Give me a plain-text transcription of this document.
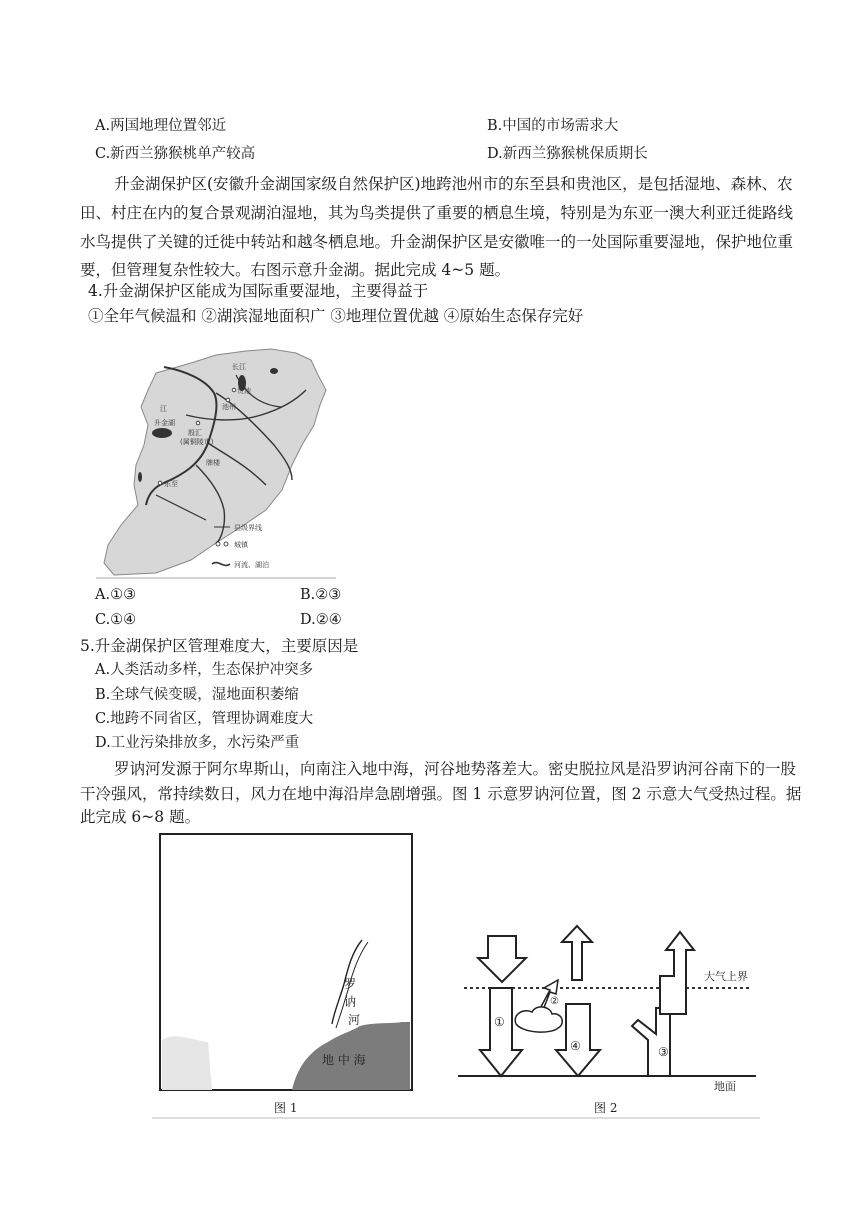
A.两国地理位置邻近	B.中国的市场需求大
C.新西兰猕猴桃单产较高	D.新西兰猕猴桃保质期长
升金湖保护区(安徽升金湖国家级自然保护区)地跨池州市的东至县和贵池区，是包括湿地、森林、农
田、村庄在内的复合景观湖泊湿地，其为鸟类提供了重要的栖息生境，特别是为东亚一澳大利亚迁徙路线
水鸟提供了关键的迁徙中转站和越冬栖息地。升金湖保护区是安徽唯一的一处国际重要湿地，保护地位重
要，但管理复杂性较大。右图示意升金湖。据此完成 4~5 题。
4.升金湖保护区能成为国际重要湿地，主要得益于
①全年气候温和 ②湖滨湿地面积广 ③地理位置优越 ④原始生态保存完好
长江
江
升金湖
贵池
池州
殷汇
(属铜陵市)
牌楼
东至
县级界线
城镇
河流、湖泊
A.①③	B.②③
C.①④	D.②④
5.升金湖保护区管理难度大，主要原因是
A.人类活动多样，生态保护冲突多
B.全球气候变暖，湿地面积萎缩
C.地跨不同省区，管理协调难度大
D.工业污染排放多，水污染严重
罗讷河发源于阿尔卑斯山，向南注入地中海，河谷地势落差大。密史脱拉风是沿罗讷河谷南下的一股
干冷强风，常持续数日，风力在地中海沿岸急剧增强。图 1 示意罗讷河位置，图 2 示意大气受热过程。据
此完成 6~8 题。
罗
讷
河
地 中 海
图 1
大气上界
地面
①
②
④	③
图 2
